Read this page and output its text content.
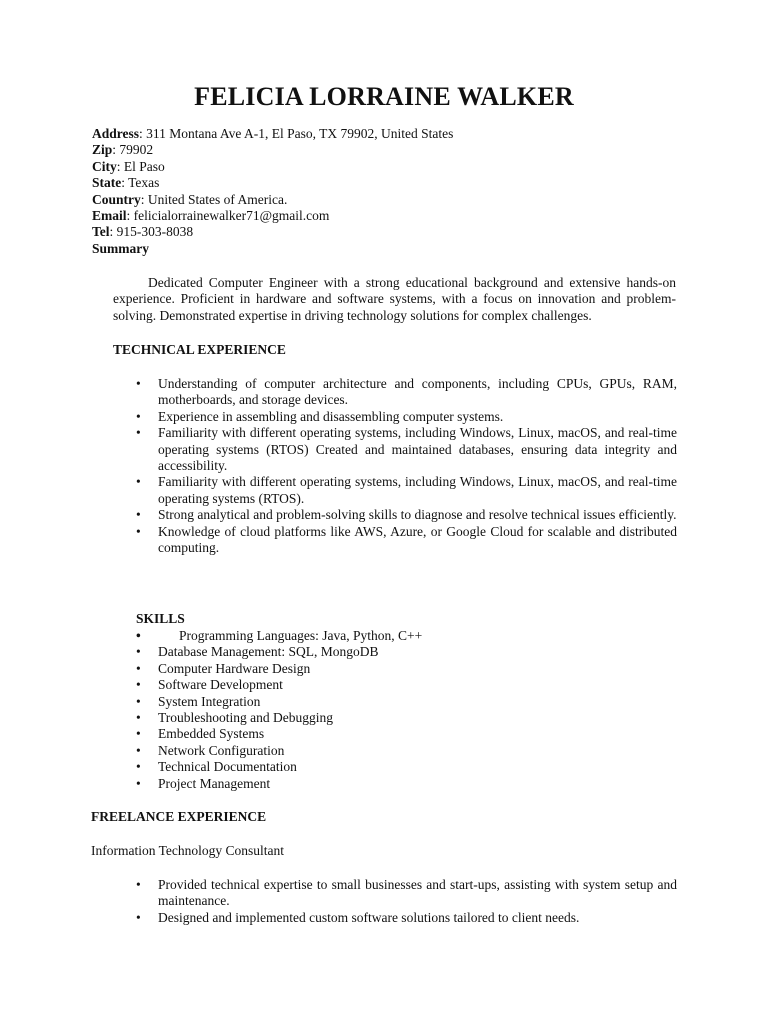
FELICIA LORRAINE WALKER
Address: 311 Montana Ave A-1, El Paso, TX 79902, United States
Zip: 79902
City: El Paso
State: Texas
Country: United States of America.
Email: felicialorrainewalker71@gmail.com
Tel: 915-303-8038
Summary

Dedicated Computer Engineer with a strong educational background and extensive hands-on experience. Proficient in hardware and software systems, with a focus on innovation and problem-solving. Demonstrated expertise in driving technology solutions for complex challenges.

TECHNICAL EXPERIENCE
• Understanding of computer architecture and components, including CPUs, GPUs, RAM, motherboards, and storage devices.
• Experience in assembling and disassembling computer systems.
• Familiarity with different operating systems, including Windows, Linux, macOS, and real-time operating systems (RTOS) Created and maintained databases, ensuring data integrity and accessibility.
• Familiarity with different operating systems, including Windows, Linux, macOS, and real-time operating systems (RTOS).
• Strong analytical and problem-solving skills to diagnose and resolve technical issues efficiently.
• Knowledge of cloud platforms like AWS, Azure, or Google Cloud for scalable and distributed computing.
SKILLS
•	Programming Languages: Java, Python, C++
• Database Management: SQL, MongoDB
• Computer Hardware Design
• Software Development
• System Integration
• Troubleshooting and Debugging
• Embedded Systems
• Network Configuration
• Technical Documentation
• Project Management
FREELANCE EXPERIENCE
Information Technology Consultant
• Provided technical expertise to small businesses and start-ups, assisting with system setup and maintenance.
• Designed and implemented custom software solutions tailored to client needs.
